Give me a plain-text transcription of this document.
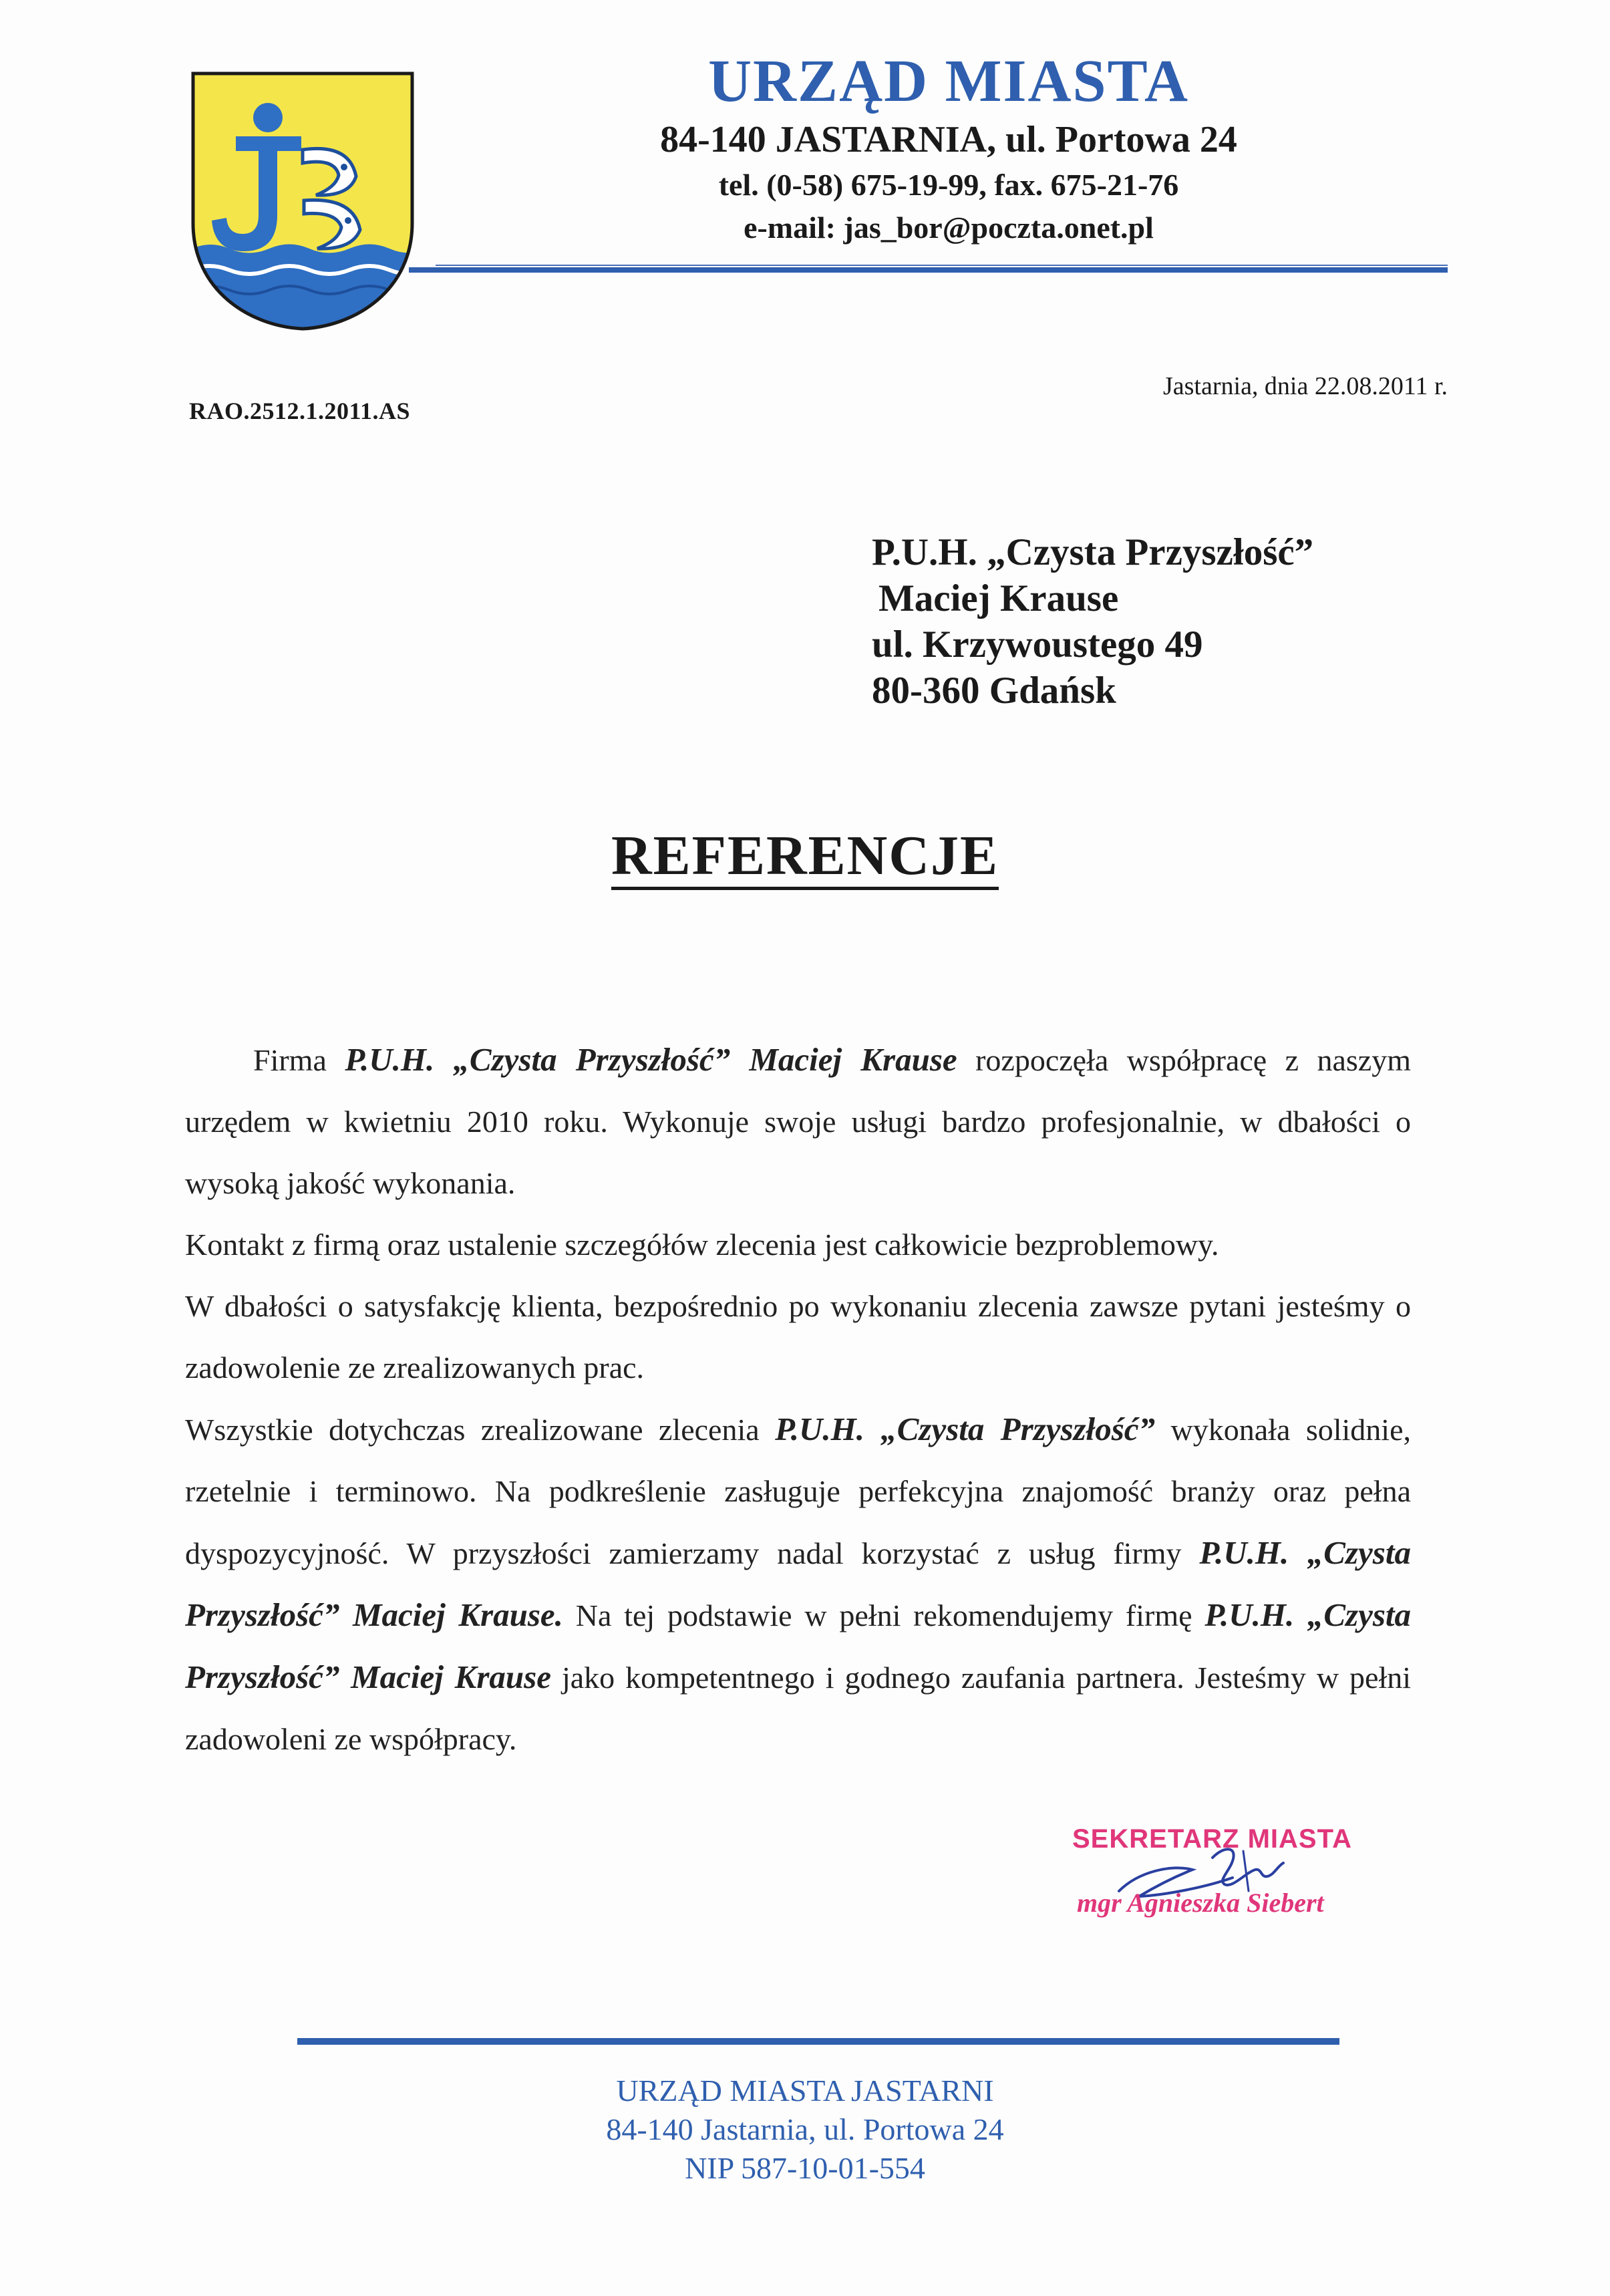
URZĄD MIASTA
84-140 JASTARNIA, ul. Portowa 24
tel. (0-58) 675-19-99, fax. 675-21-76
e-mail: jas_bor@poczta.onet.pl
RAO.2512.1.2011.AS
Jastarnia, dnia 22.08.2011 r.
P.U.H. „Czysta Przyszłość”
Maciej Krause
ul. Krzywoustego 49
80-360 Gdańsk
REFERENCJE

Firma P.U.H. „Czysta Przyszłość” Maciej Krause rozpoczęła współpracę z naszym urzędem w kwietniu 2010 roku. Wykonuje swoje usługi bardzo profesjonalnie, w dbałości o wysoką jakość wykonania.

Kontakt z firmą oraz ustalenie szczegółów zlecenia jest całkowicie bezproblemowy.

W dbałości o satysfakcję klienta, bezpośrednio po wykonaniu zlecenia zawsze pytani jesteśmy o zadowolenie ze zrealizowanych prac.

Wszystkie dotychczas zrealizowane zlecenia P.U.H. „Czysta Przyszłość” wykonała solidnie, rzetelnie i terminowo. Na podkreślenie zasługuje perfekcyjna znajomość branży oraz pełna dyspozycyjność. W przyszłości zamierzamy nadal korzystać z usług firmy P.U.H. „Czysta Przyszłość” Maciej Krause. Na tej podstawie w pełni rekomendujemy firmę P.U.H. „Czysta Przyszłość” Maciej Krause jako kompetentnego i godnego zaufania partnera. Jesteśmy w pełni zadowoleni ze współpracy.

SEKRETARZ MIASTA
mgr Agnieszka Siebert
URZĄD MIASTA JASTARNI
84-140 Jastarnia, ul. Portowa 24
NIP 587-10-01-554
